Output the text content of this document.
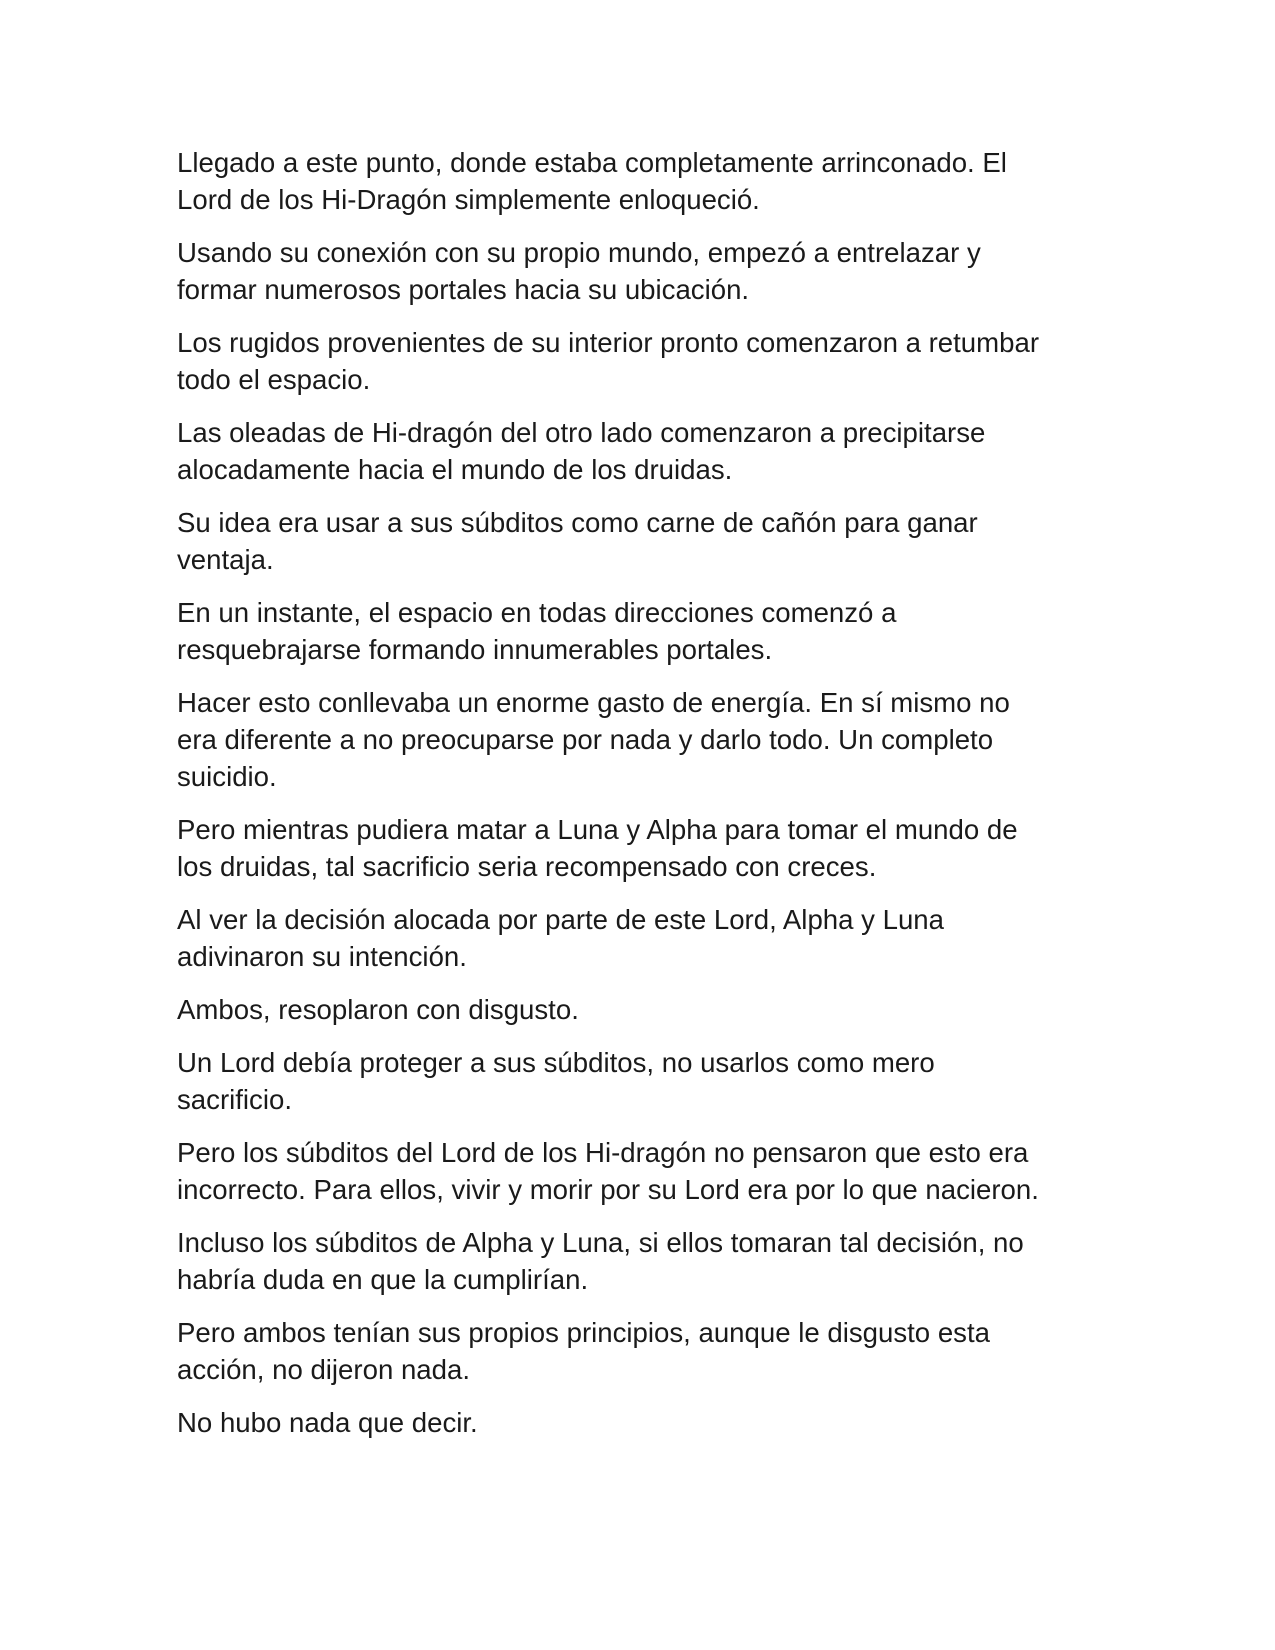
Llegado a este punto, donde estaba completamente arrinconado. El
Lord de los Hi-Dragón simplemente enloqueció.

Usando su conexión con su propio mundo, empezó a entrelazar y
formar numerosos portales hacia su ubicación.

Los rugidos provenientes de su interior pronto comenzaron a retumbar
todo el espacio.

Las oleadas de Hi-dragón del otro lado comenzaron a precipitarse
alocadamente hacia el mundo de los druidas.

Su idea era usar a sus súbditos como carne de cañón para ganar
ventaja.

En un instante, el espacio en todas direcciones comenzó a
resquebrajarse formando innumerables portales.

Hacer esto conllevaba un enorme gasto de energía. En sí mismo no
era diferente a no preocuparse por nada y darlo todo. Un completo
suicidio.

Pero mientras pudiera matar a Luna y Alpha para tomar el mundo de
los druidas, tal sacrificio seria recompensado con creces.

Al ver la decisión alocada por parte de este Lord, Alpha y Luna
adivinaron su intención.

Ambos, resoplaron con disgusto.

Un Lord debía proteger a sus súbditos, no usarlos como mero
sacrificio.

Pero los súbditos del Lord de los Hi-dragón no pensaron que esto era
incorrecto. Para ellos, vivir y morir por su Lord era por lo que nacieron.

Incluso los súbditos de Alpha y Luna, si ellos tomaran tal decisión, no
habría duda en que la cumplirían.

Pero ambos tenían sus propios principios, aunque le disgusto esta
acción, no dijeron nada.

No hubo nada que decir.
